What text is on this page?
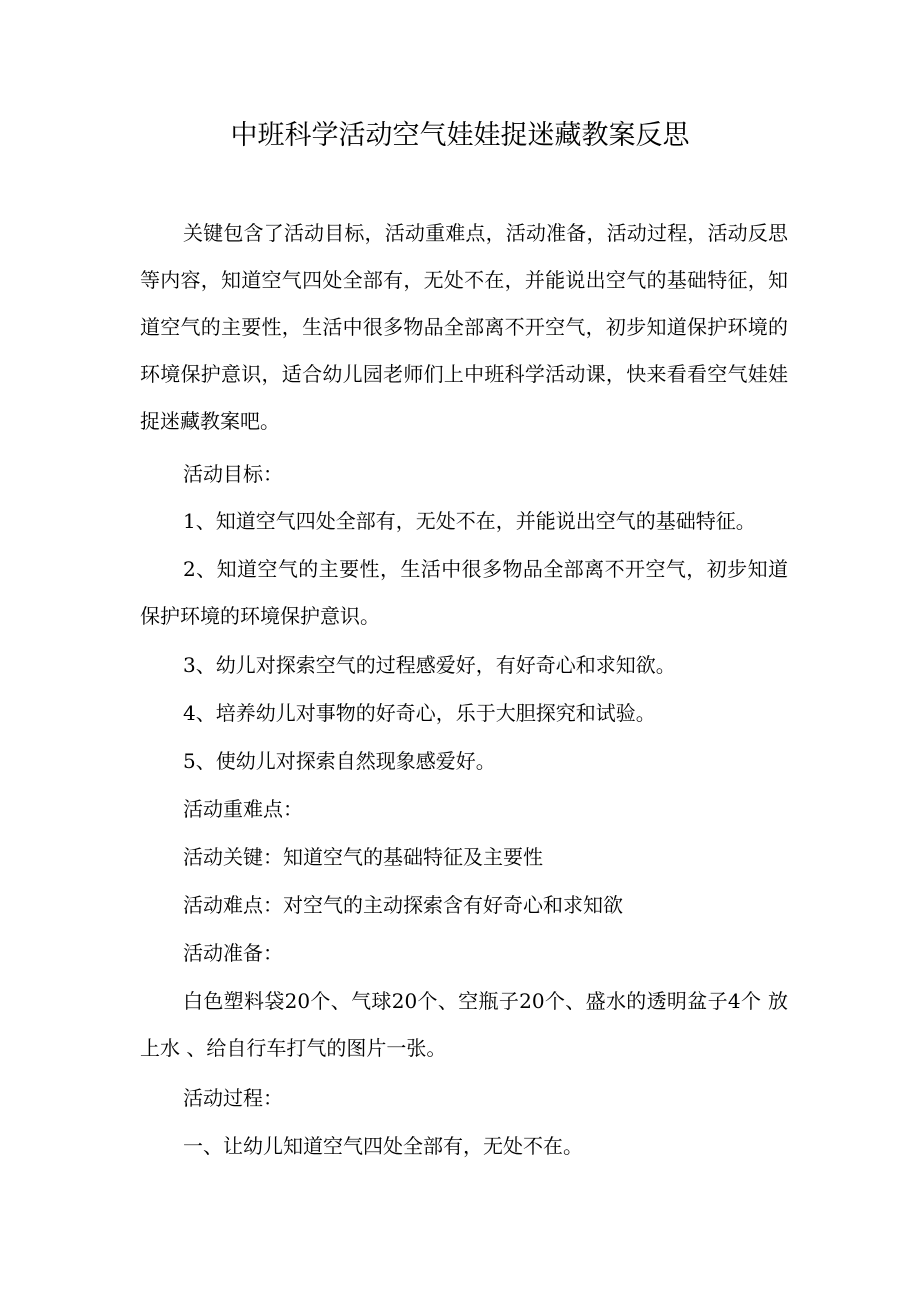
中班科学活动空气娃娃捉迷藏教案反思

关键包含了活动目标，活动重难点，活动准备，活动过程，活动反思等内容，知道空气四处全部有，无处不在，并能说出空气的基础特征，知道空气的主要性，生活中很多物品全部离不开空气，初步知道保护环境的环境保护意识，适合幼儿园老师们上中班科学活动课，快来看看空气娃娃捉迷藏教案吧。

活动目标：

1、知道空气四处全部有，无处不在，并能说出空气的基础特征。

2、知道空气的主要性，生活中很多物品全部离不开空气，初步知道保护环境的环境保护意识。

3、幼儿对探索空气的过程感爱好，有好奇心和求知欲。

4、培养幼儿对事物的好奇心，乐于大胆探究和试验。

5、使幼儿对探索自然现象感爱好。

活动重难点：

活动关键：知道空气的基础特征及主要性

活动难点：对空气的主动探索含有好奇心和求知欲

活动准备：

白色塑料袋20个、气球20个、空瓶子20个、盛水的透明盆子4个 放上水 、给自行车打气的图片一张。

活动过程：

一、让幼儿知道空气四处全部有，无处不在。
